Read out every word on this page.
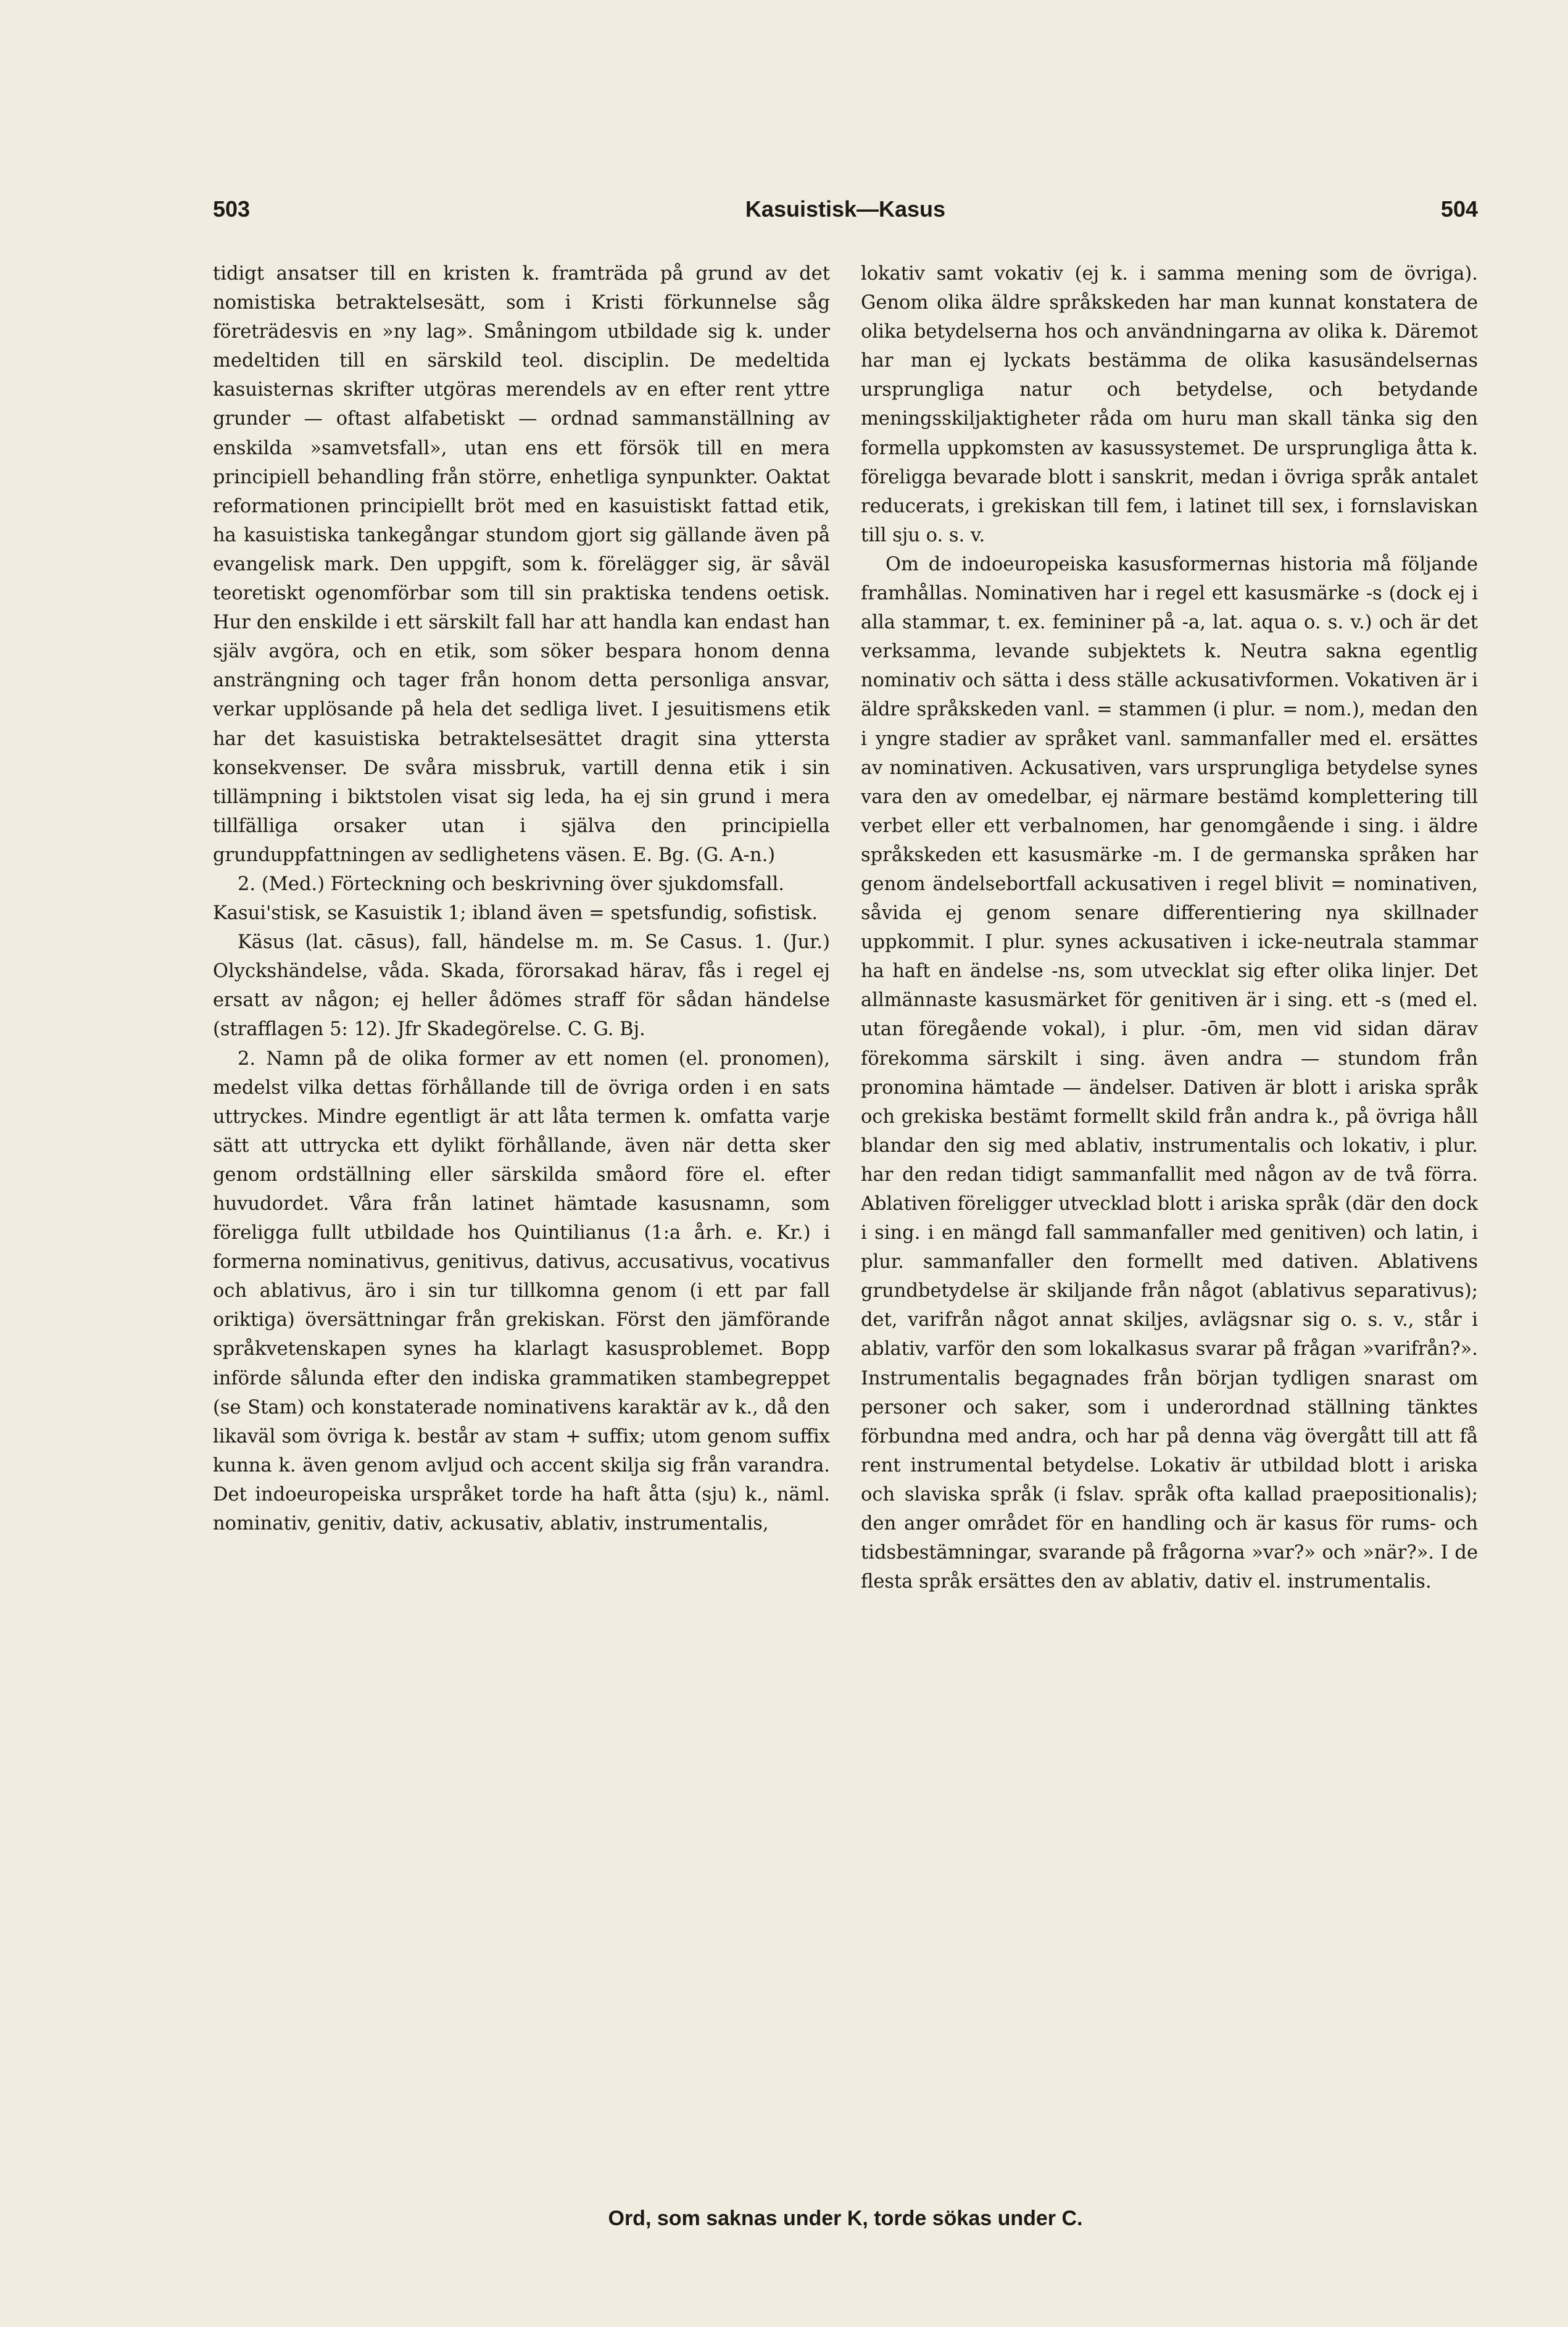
503	Kasuistisk—Kasus	504

tidigt ansatser till en kristen k. framträda på grund av det nomistiska betraktelsesätt, som i Kristi förkunnelse såg företrädesvis en »ny lag». Småningom utbildade sig k. under medeltiden till en särskild teol. disciplin. De medeltida kasuisternas skrifter utgöras merendels av en efter rent yttre grunder — oftast alfabetiskt — ordnad sammanställning av enskilda »samvetsfall», utan ens ett försök till en mera principiell behandling från större, enhetliga synpunkter. Oaktat reformationen principiellt bröt med en kasuistiskt fattad etik, ha kasuistiska tankegångar stundom gjort sig gällande även på evangelisk mark. Den uppgift, som k. förelägger sig, är såväl teoretiskt ogenomförbar som till sin praktiska tendens oetisk. Hur den enskilde i ett särskilt fall har att handla kan endast han själv avgöra, och en etik, som söker bespara honom denna ansträngning och tager från honom detta personliga ansvar, verkar upplösande på hela det sedliga livet. I jesuitismens etik har det kasuistiska betraktelsesättet dragit sina yttersta konsekvenser. De svåra missbruk, vartill denna etik i sin tillämpning i biktstolen visat sig leda, ha ej sin grund i mera tillfälliga orsaker utan i själva den principiella grunduppfattningen av sedlighetens väsen. E. Bg. (G. A-n.)

2. (Med.) Förteckning och beskrivning över sjukdomsfall.

Kasui'stisk, se Kasuistik 1; ibland även = spetsfundig, sofistisk.

Käsus (lat. cāsus), fall, händelse m. m. Se Casus. 1. (Jur.) Olyckshändelse, våda. Skada, förorsakad härav, fås i regel ej ersatt av någon; ej heller ådömes straff för sådan händelse (strafflagen 5: 12). Jfr Skadegörelse. C. G. Bj.

2. Namn på de olika former av ett nomen (el. pronomen), medelst vilka dettas förhållande till de övriga orden i en sats uttryckes. Mindre egentligt är att låta termen k. omfatta varje sätt att uttrycka ett dylikt förhållande, även när detta sker genom ordställning eller särskilda småord före el. efter huvudordet. Våra från latinet hämtade kasusnamn, som föreligga fullt utbildade hos Quintilianus (1:a årh. e. Kr.) i formerna nominativus, genitivus, dativus, accusativus, vocativus och ablativus, äro i sin tur tillkomna genom (i ett par fall oriktiga) översättningar från grekiskan. Först den jämförande språkvetenskapen synes ha klarlagt kasusproblemet. Bopp införde sålunda efter den indiska grammatiken stambegreppet (se Stam) och konstaterade nominativens karaktär av k., då den likaväl som övriga k. består av stam + suffix; utom genom suffix kunna k. även genom avljud och accent skilja sig från varandra. Det indoeuropeiska urspråket torde ha haft åtta (sju) k., näml. nominativ, genitiv, dativ, ackusativ, ablativ, instrumentalis,

lokativ samt vokativ (ej k. i samma mening som de övriga). Genom olika äldre språkskeden har man kunnat konstatera de olika betydelserna hos och användningarna av olika k. Däremot har man ej lyckats bestämma de olika kasusändelsernas ursprungliga natur och betydelse, och betydande meningsskiljaktigheter råda om huru man skall tänka sig den formella uppkomsten av kasussystemet. De ursprungliga åtta k. föreligga bevarade blott i sanskrit, medan i övriga språk antalet reducerats, i grekiskan till fem, i latinet till sex, i fornslaviskan till sju o. s. v.

Om de indoeuropeiska kasusformernas historia må följande framhållas. Nominativen har i regel ett kasusmärke -s (dock ej i alla stammar, t. ex. femininer på -a, lat. aqua o. s. v.) och är det verksamma, levande subjektets k. Neutra sakna egentlig nominativ och sätta i dess ställe ackusativformen. Vokativen är i äldre språkskeden vanl. = stammen (i plur. = nom.), medan den i yngre stadier av språket vanl. sammanfaller med el. ersättes av nominativen. Ackusativen, vars ursprungliga betydelse synes vara den av omedelbar, ej närmare bestämd komplettering till verbet eller ett verbalnomen, har genomgående i sing. i äldre språkskeden ett kasusmärke -m. I de germanska språken har genom ändelsebortfall ackusativen i regel blivit = nominativen, såvida ej genom senare differentiering nya skillnader uppkommit. I plur. synes ackusativen i icke-neutrala stammar ha haft en ändelse -ns, som utvecklat sig efter olika linjer. Det allmännaste kasusmärket för genitiven är i sing. ett -s (med el. utan föregående vokal), i plur. -ōm, men vid sidan därav förekomma särskilt i sing. även andra — stundom från pronomina hämtade — ändelser. Dativen är blott i ariska språk och grekiska bestämt formellt skild från andra k., på övriga håll blandar den sig med ablativ, instrumentalis och lokativ, i plur. har den redan tidigt sammanfallit med någon av de två förra. Ablativen föreligger utvecklad blott i ariska språk (där den dock i sing. i en mängd fall sammanfaller med genitiven) och latin, i plur. sammanfaller den formellt med dativen. Ablativens grundbetydelse är skiljande från något (ablativus separativus); det, varifrån något annat skiljes, avlägsnar sig o. s. v., står i ablativ, varför den som lokalkasus svarar på frågan »varifrån?». Instrumentalis begagnades från början tydligen snarast om personer och saker, som i underordnad ställning tänktes förbundna med andra, och har på denna väg övergått till att få rent instrumental betydelse. Lokativ är utbildad blott i ariska och slaviska språk (i fslav. språk ofta kallad praepositionalis); den anger området för en handling och är kasus för rums- och tidsbestämningar, svarande på frågorna »var?» och »när?». I de flesta språk ersättes den av ablativ, dativ el. instrumentalis.

Ord, som saknas under K, torde sökas under C.
